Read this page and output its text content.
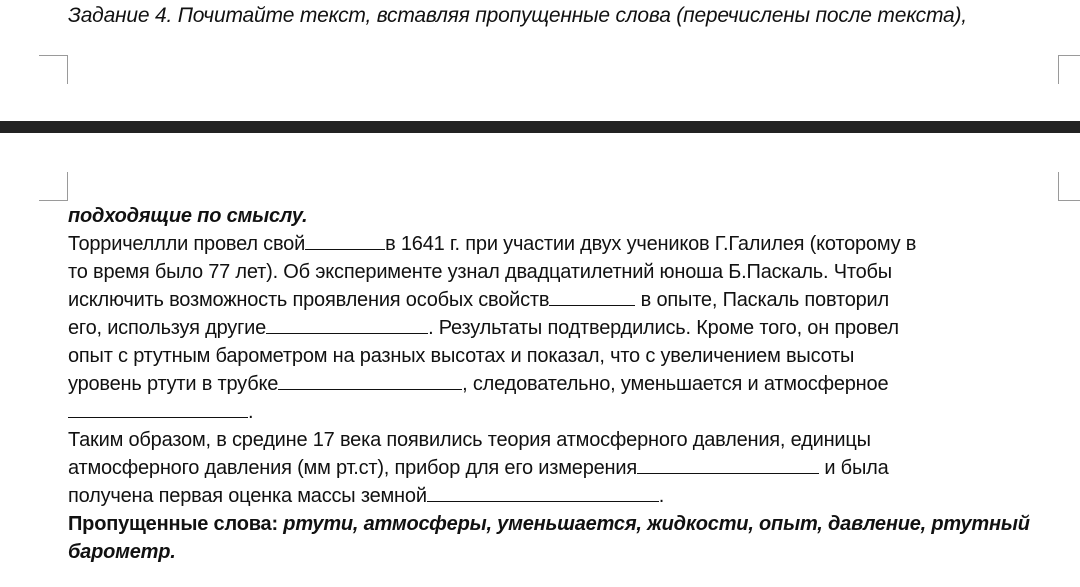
Задание 4. Почитайте текст, вставляя пропущенные слова (перечислены после текста),
подходящие по смыслу.
Торричеллли провел свой	в 1641 г. при участии двух учеников Г.Галилея (которому в
то время было 77 лет). Об эксперименте узнал двадцатилетний юноша Б.Паскаль. Чтобы
исключить возможность проявления особых свойств	в опыте, Паскаль повторил
его, используя другие	. Результаты подтвердились. Кроме того, он провел
опыт с ртутным барометром на разных высотах и показал, что с увеличением высоты
уровень ртути в трубке	, следовательно, уменьшается и атмосферное
.
Таким образом, в средине 17 века появились теория атмосферного давления, единицы
атмосферного давления (мм рт.ст), прибор для его измерения	и была
получена первая оценка массы земной	.
Пропущенные слова: ртути, атмосферы, уменьшается, жидкости, опыт, давление, ртутный
барометр.
